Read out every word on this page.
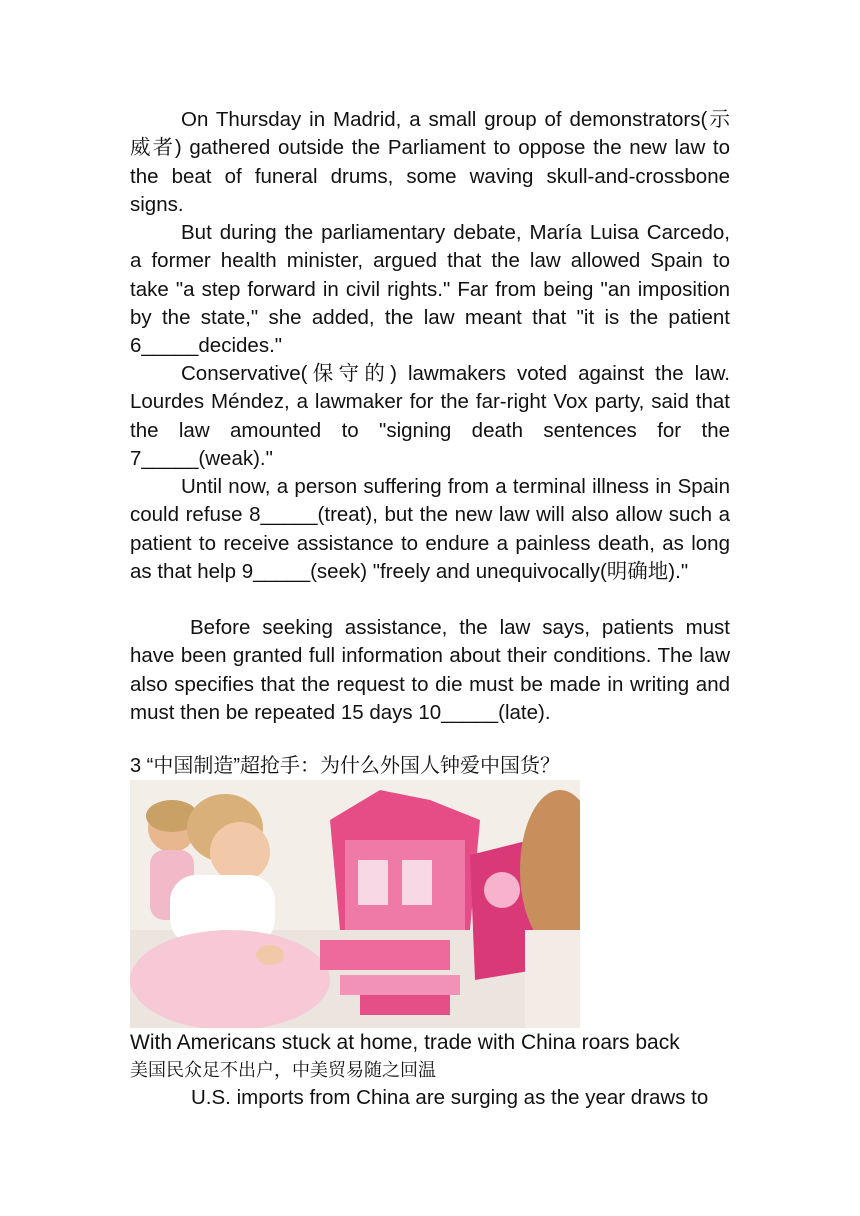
On Thursday in Madrid, a small group of demonstrators(示威者) gathered outside the Parliament to oppose the new law to the beat of funeral drums, some waving skull-and-crossbone signs.

But during the parliamentary debate, María Luisa Carcedo, a former health minister, argued that the law allowed Spain to take "a step forward in civil rights." Far from being "an imposition by the state," she added, the law meant that "it is the patient 6_____decides."

Conservative(保守的) lawmakers voted against the law. Lourdes Méndez, a lawmaker for the far-right Vox party, said that the law amounted to "signing death sentences for the 7_____(weak)."

Until now, a person suffering from a terminal illness in Spain could refuse 8_____(treat), but the new law will also allow such a patient to receive assistance to endure a painless death, as long as that help 9_____(seek) "freely and unequivocally(明确地)."

Before seeking assistance, the law says, patients must have been granted full information about their conditions. The law also specifies that the request to die must be made in writing and must then be repeated 15 days 10_____(late).

3 “中国制造”超抢手：为什么外国人钟爱中国货？

With Americans stuck at home, trade with China roars back

美国民众足不出户，中美贸易随之回温

U.S. imports from China are surging as the year draws to
